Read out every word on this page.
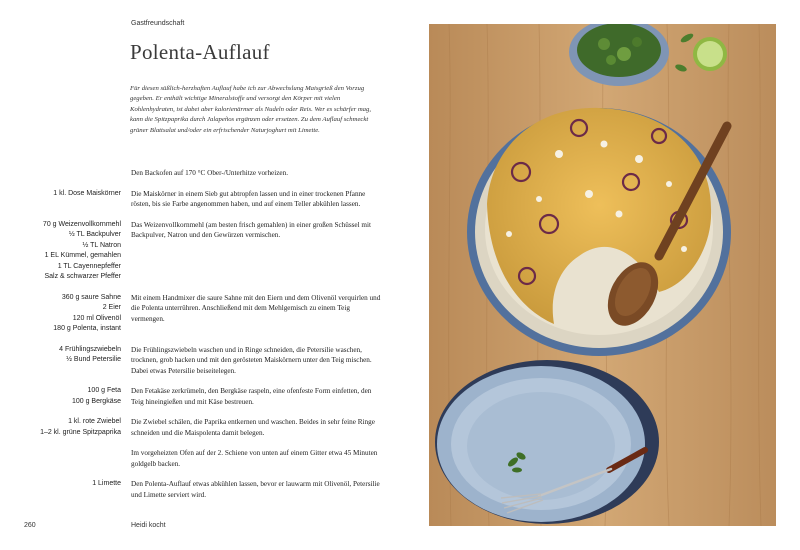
Gastfreundschaft
Polenta-Auflauf

Für diesen süßlich-herzhaften Auflauf habe ich zur Abwechslung Maisgrieß den Vorzug gegeben. Er enthält wichtige Mineralstoffe und versorgt den Körper mit vielen Kohlenhydraten, ist dabei aber kalorienärmer als Nudeln oder Reis. Wer es schärfer mag, kann die Spitzpaprika durch Jalapeños ergänzen oder ersetzen. Zu dem Auflauf schmeckt grüner Blattsalat und/oder ein erfrischender Naturjoghurt mit Limette.

Den Backofen auf 170 °C Ober-/Unterhitze vorheizen.
1 kl. Dose Maiskörner Die Maiskörner in einem Sieb gut abtropfen lassen und in einer trockenen Pfanne rösten, bis sie Farbe angenommen haben, und auf einem Teller abkühlen lassen.
70 g Weizenvollkornmehl
½ TL Backpulver
½ TL Natron
1 EL Kümmel, gemahlen
1 TL Cayennepfeffer
Salz & schwarzer Pfeffer
Das Weizenvollkornmehl (am besten frisch gemahlen) in einer großen Schüssel mit Backpulver, Natron und den Gewürzen vermischen.
360 g saure Sahne
2 Eier
120 ml Olivenöl
180 g Polenta, instant
Mit einem Handmixer die saure Sahne mit den Eiern und dem Olivenöl verquirlen und die Polenta unterrühren. Anschließend mit dem Mehlgemisch zu einem Teig vermengen.
4 Frühlingszwiebeln
½ Bund Petersilie
Die Frühlingszwiebeln waschen und in Ringe schneiden, die Petersilie waschen, trocknen, grob hacken und mit den gerösteten Maiskörnern unter den Teig mischen. Dabei etwas Petersilie beiseitelegen.
100 g Feta
100 g Bergkäse
Den Fetakäse zerkrümeln, den Bergkäse raspeln, eine ofenfeste Form einfetten, den Teig hineingießen und mit Käse bestreuen.
1 kl. rote Zwiebel
1–2 kl. grüne Spitzpaprika
Die Zwiebel schälen, die Paprika entkernen und waschen. Beides in sehr feine Ringe schneiden und die Maispolenta damit belegen.
Im vorgeheizten Ofen auf der 2. Schiene von unten auf einem Gitter etwa 45 Minuten goldgelb backen.
1 Limette Den Polenta-Auflauf etwas abkühlen lassen, bevor er lauwarm mit Olivenöl, Petersilie und Limette serviert wird.
260	Heidi kocht
